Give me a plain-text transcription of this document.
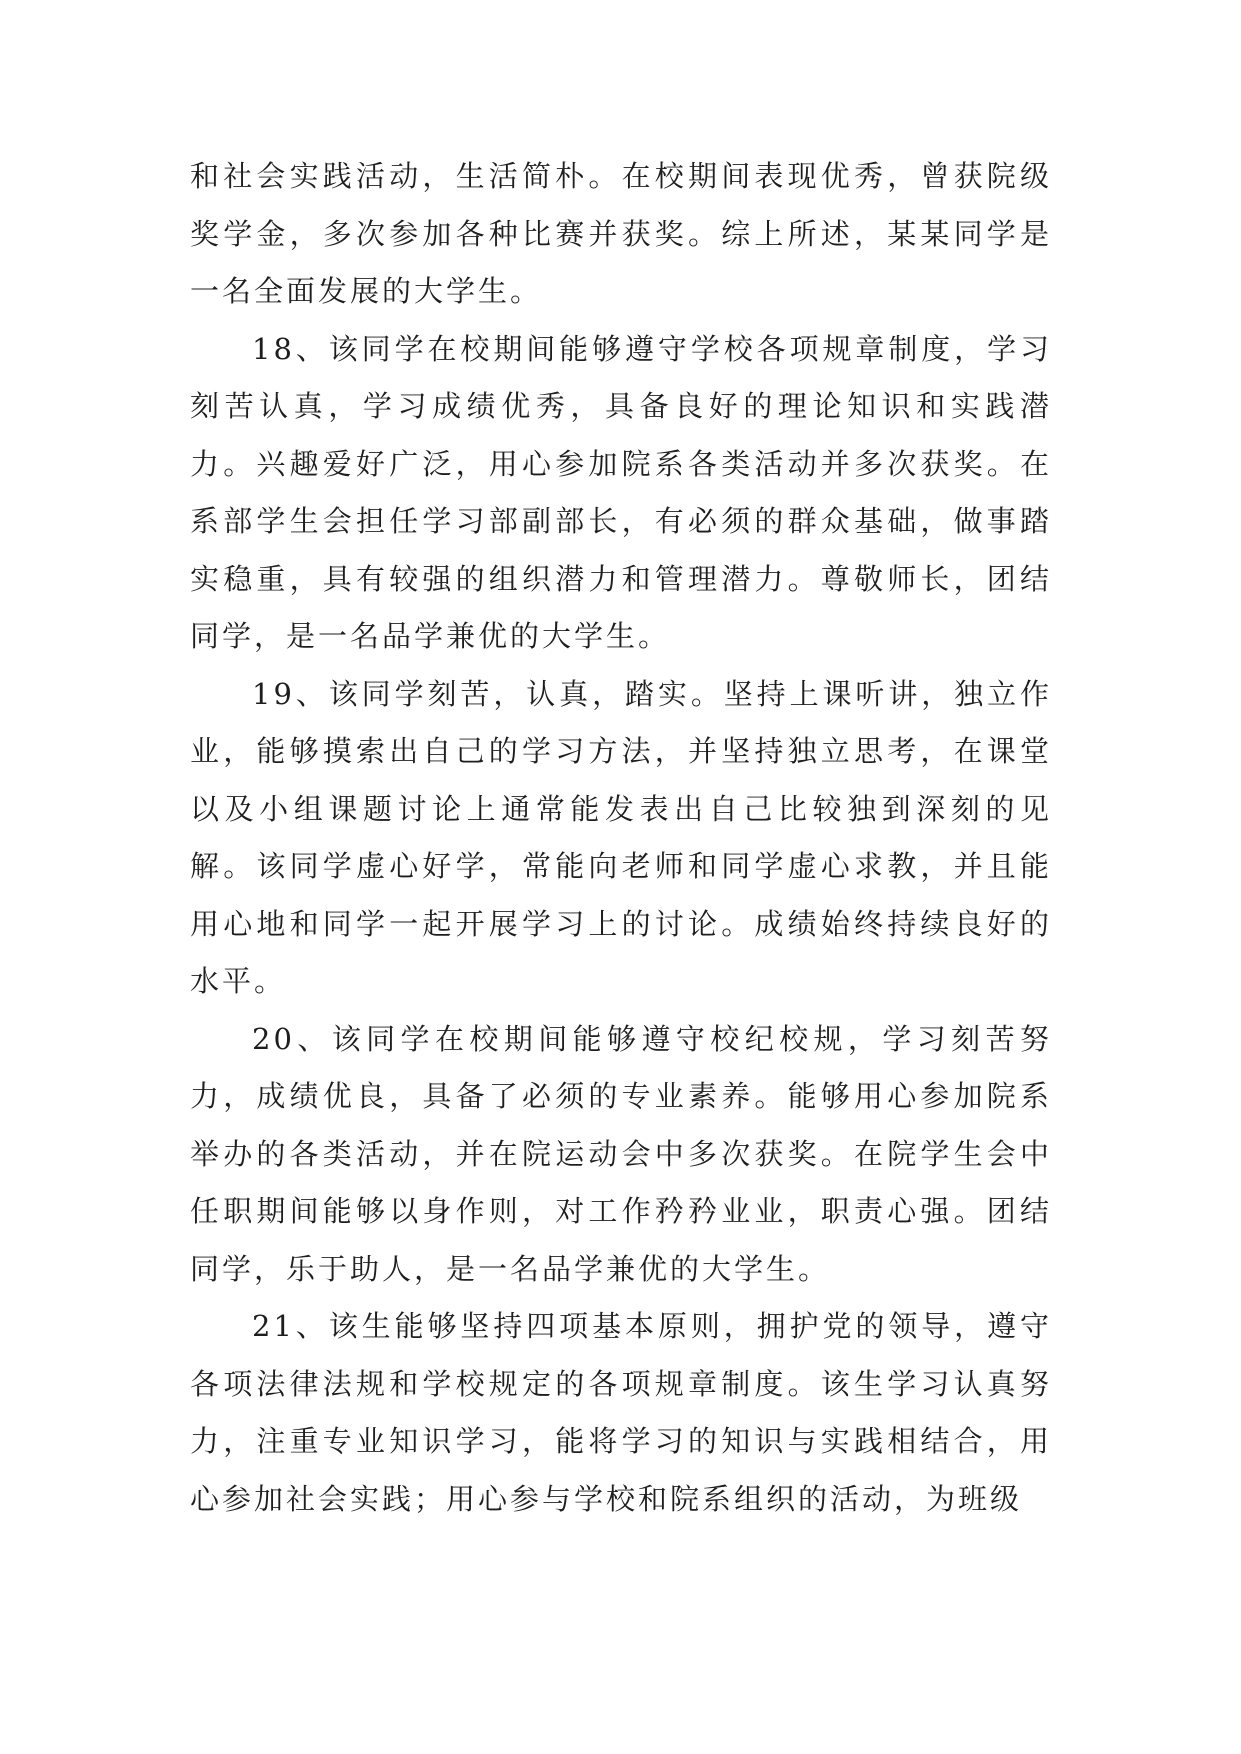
和社会实践活动，生活简朴。在校期间表现优秀，曾获院级奖学金，多次参加各种比赛并获奖。综上所述，某某同学是一名全面发展的大学生。

18、该同学在校期间能够遵守学校各项规章制度，学习刻苦认真，学习成绩优秀，具备良好的理论知识和实践潜力。兴趣爱好广泛，用心参加院系各类活动并多次获奖。在系部学生会担任学习部副部长，有必须的群众基础，做事踏实稳重，具有较强的组织潜力和管理潜力。尊敬师长，团结同学，是一名品学兼优的大学生。

19、该同学刻苦，认真，踏实。坚持上课听讲，独立作业，能够摸索出自己的学习方法，并坚持独立思考，在课堂以及小组课题讨论上通常能发表出自己比较独到深刻的见解。该同学虚心好学，常能向老师和同学虚心求教，并且能用心地和同学一起开展学习上的讨论。成绩始终持续良好的水平。

20、该同学在校期间能够遵守校纪校规，学习刻苦努力，成绩优良，具备了必须的专业素养。能够用心参加院系举办的各类活动，并在院运动会中多次获奖。在院学生会中任职期间能够以身作则，对工作矜矜业业，职责心强。团结同学，乐于助人，是一名品学兼优的大学生。

21、该生能够坚持四项基本原则，拥护党的领导，遵守各项法律法规和学校规定的各项规章制度。该生学习认真努力，注重专业知识学习，能将学习的知识与实践相结合，用心参加社会实践；用心参与学校和院系组织的活动，为班级
